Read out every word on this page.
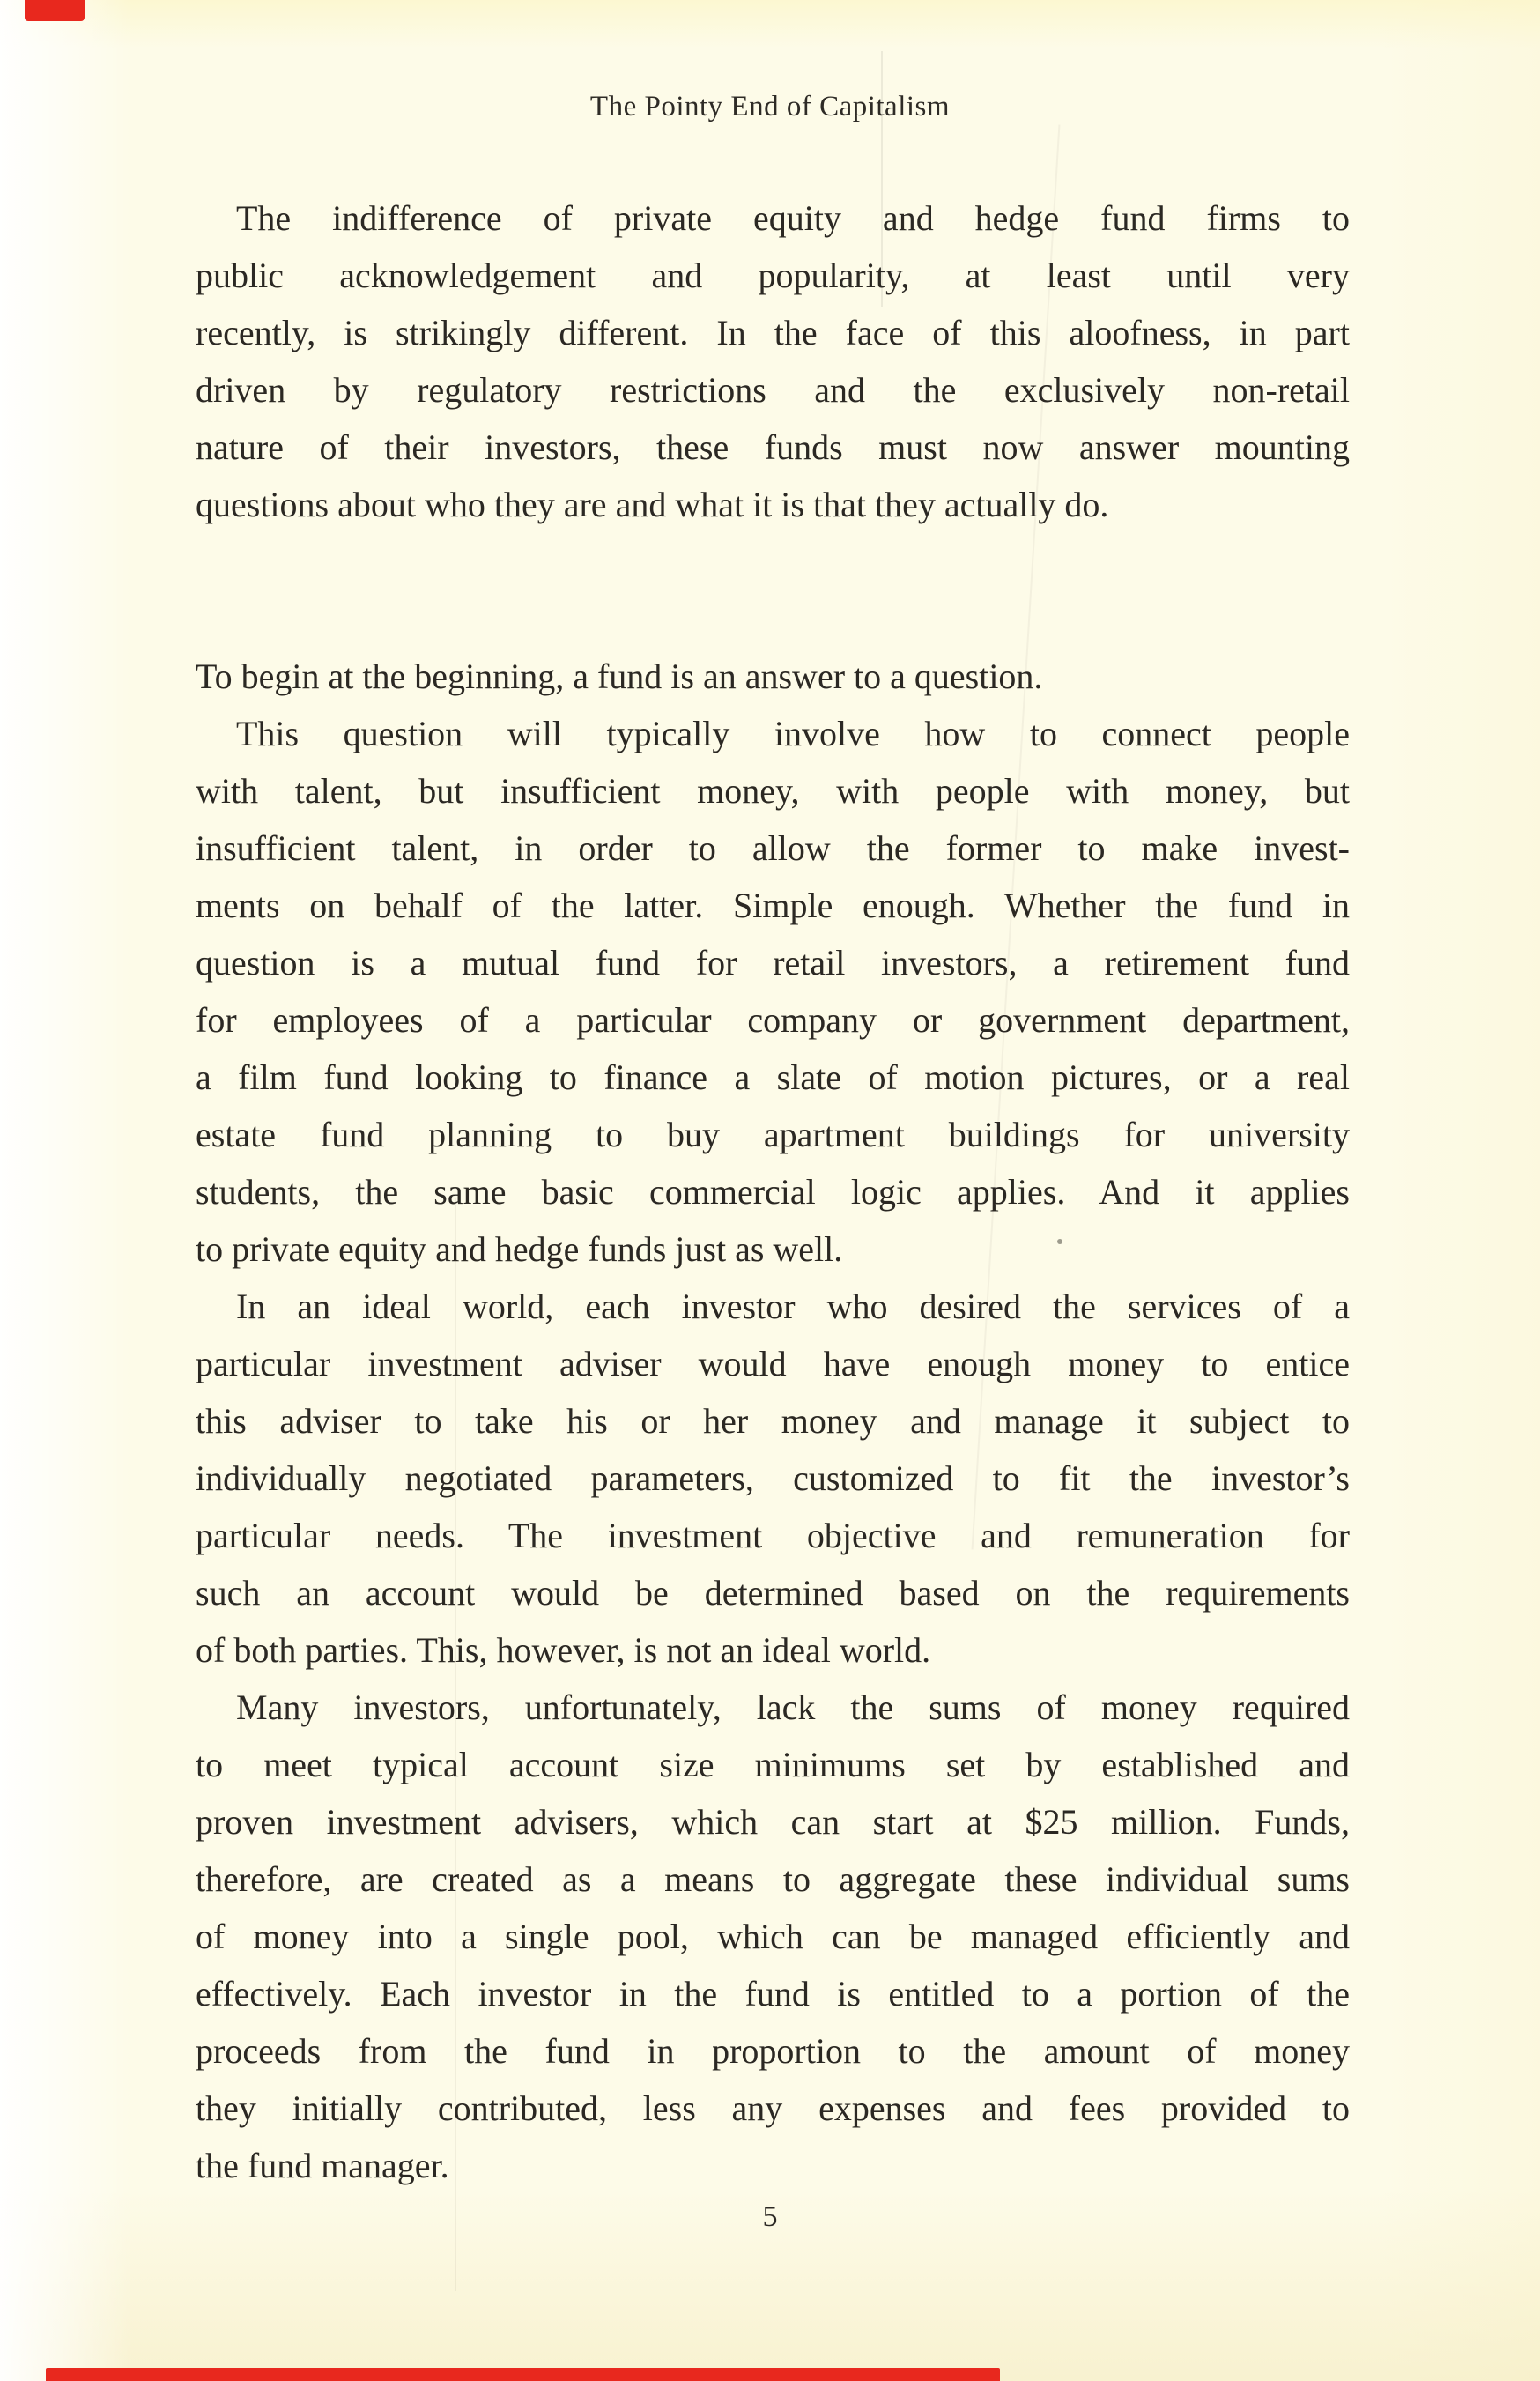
The Pointy End of Capitalism
The indifference of private equity and hedge fund firms to
public acknowledgement and popularity, at least until very
recently, is strikingly different. In the face of this aloofness, in part
driven by regulatory restrictions and the exclusively non-retail
nature of their investors, these funds must now answer mounting
questions about who they are and what it is that they actually do.
To begin at the beginning, a fund is an answer to a question.
This question will typically involve how to connect people
with talent, but insufficient money, with people with money, but
insufficient talent, in order to allow the former to make invest-
ments on behalf of the latter. Simple enough. Whether the fund in
question is a mutual fund for retail investors, a retirement fund
for employees of a particular company or government department,
a film fund looking to finance a slate of motion pictures, or a real
estate fund planning to buy apartment buildings for university
students, the same basic commercial logic applies. And it applies
to private equity and hedge funds just as well.
In an ideal world, each investor who desired the services of a
particular investment adviser would have enough money to entice
this adviser to take his or her money and manage it subject to
individually negotiated parameters, customized to fit the investor’s
particular needs. The investment objective and remuneration for
such an account would be determined based on the requirements
of both parties. This, however, is not an ideal world.
Many investors, unfortunately, lack the sums of money required
to meet typical account size minimums set by established and
proven investment advisers, which can start at $25 million. Funds,
therefore, are created as a means to aggregate these individual sums
of money into a single pool, which can be managed efficiently and
effectively. Each investor in the fund is entitled to a portion of the
proceeds from the fund in proportion to the amount of money
they initially contributed, less any expenses and fees provided to
the fund manager.
5
